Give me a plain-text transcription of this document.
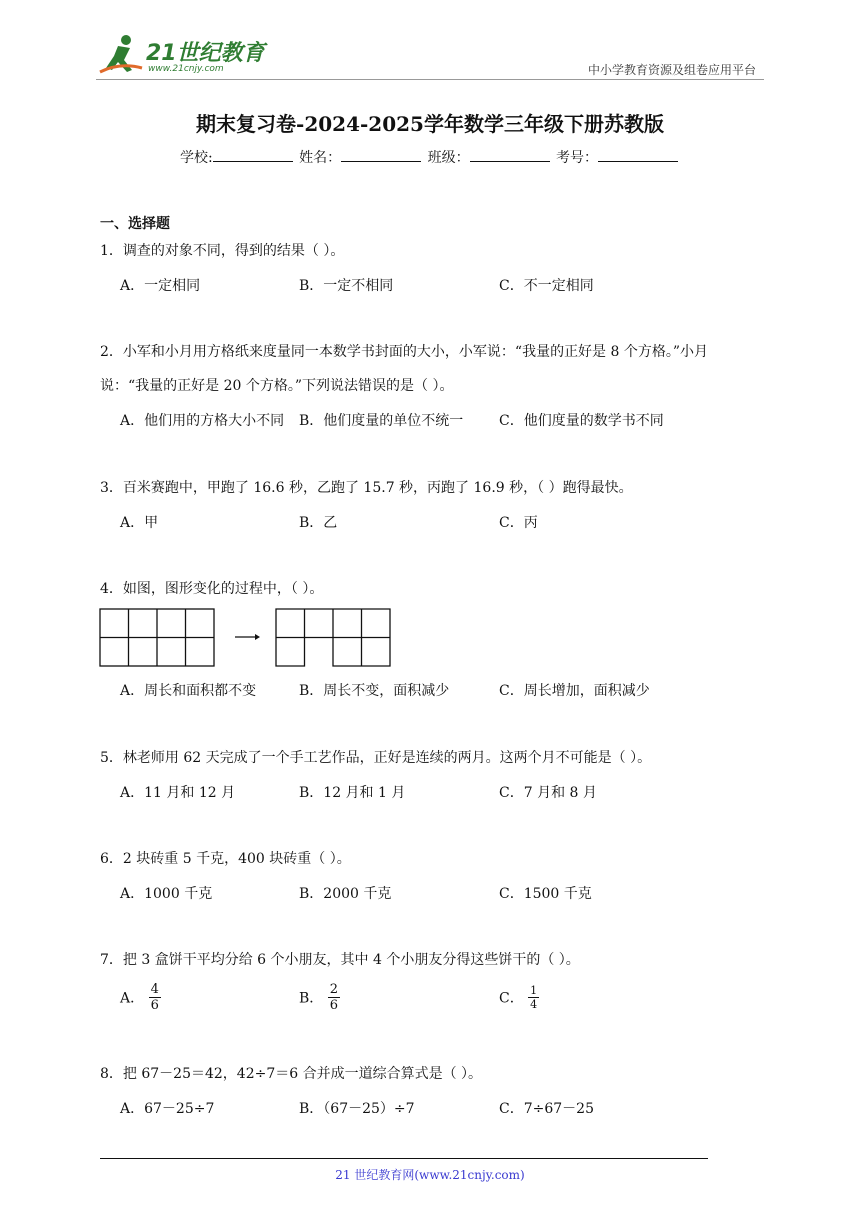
21世纪教育
www.21cnjy.com	中小学教育资源及组卷应用平台
期末复习卷-2024-2025学年数学三年级下册苏教版
学校:	姓名：	班级：	考号：
一、选择题
1．调查的对象不同，得到的结果（ ）。
A．一定相同	B．一定不相同	C．不一定相同
2．小军和小月用方格纸来度量同一本数学书封面的大小，小军说：“我量的正好是 8 个方格。”小月
说：“我量的正好是 20 个方格。”下列说法错误的是（ ）。
A．他们用的方格大小不同 B．他们度量的单位不统一	C．他们度量的数学书不同
3．百米赛跑中，甲跑了 16.6 秒，乙跑了 15.7 秒，丙跑了 16.9 秒，（ ）跑得最快。
A．甲	B．乙	C．丙
4．如图，图形变化的过程中，（ ）。
A．周长和面积都不变	B．周长不变，面积减少	C．周长增加，面积减少
5．林老师用 62 天完成了一个手工艺作品，正好是连续的两月。这两个月不可能是（ ）。
A．11 月和 12 月	B．12 月和 1 月	C．7 月和 8 月
6．2 块砖重 5 千克，400 块砖重（ ）。
A．1000 千克	B．2000 千克	C．1500 千克
7．把 3 盒饼干平均分给 6 个小朋友，其中 4 个小朋友分得这些饼干的（ ）。
A． $\frac{4}{6}$	B． $\frac{2}{6}$	C． $\frac{1}{4}$
8．把 67－25＝42，42÷7＝6 合并成一道综合算式是（ ）。
A．67－25÷7	B．（67－25）÷7	C．7÷67－25
21 世纪教育网(www.21cnjy.com)
